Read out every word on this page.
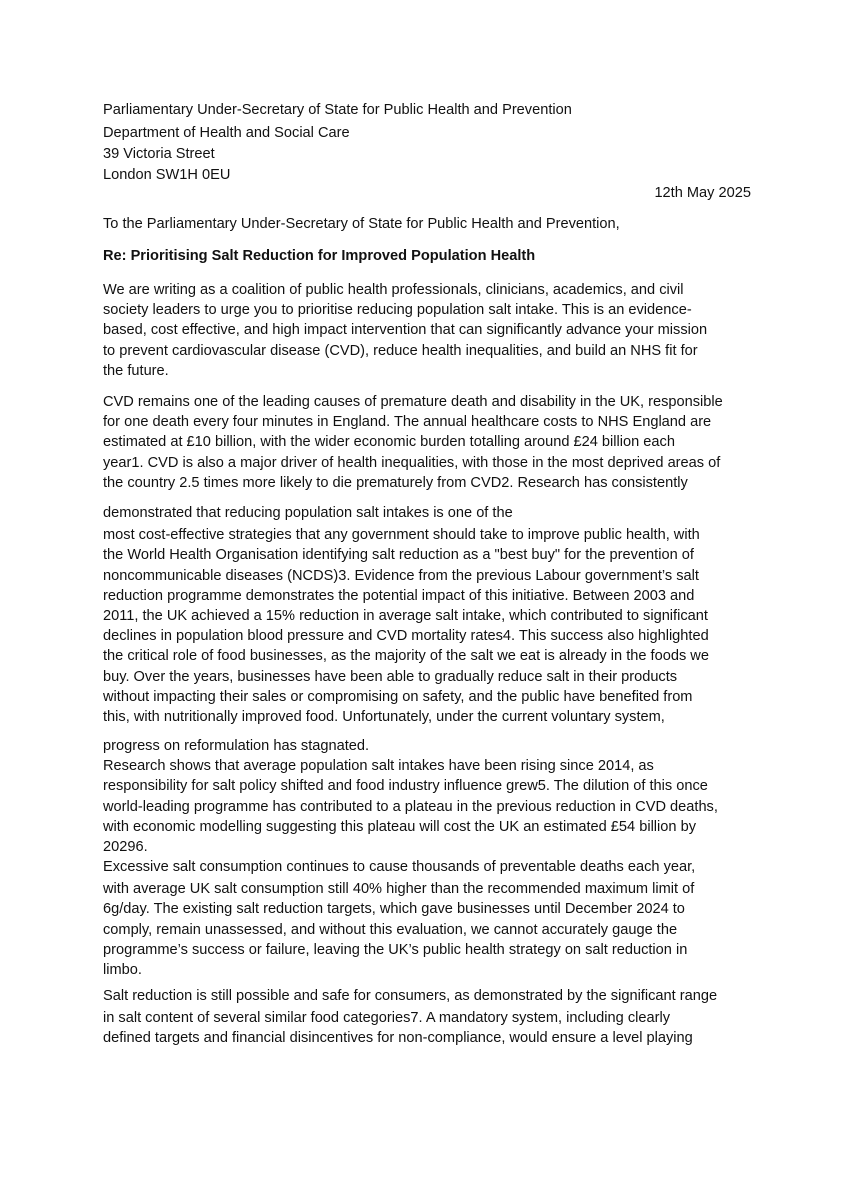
Parliamentary Under-Secretary of State for Public Health and Prevention
Department of Health and Social Care
39 Victoria Street
London SW1H 0EU
12th May 2025
To the Parliamentary Under-Secretary of State for Public Health and Prevention,
Re: Prioritising Salt Reduction for Improved Population Health

We are writing as a coalition of public health professionals, clinicians, academics, and civil
society leaders to urge you to prioritise reducing population salt intake. This is an evidence-
based, cost effective, and high impact intervention that can significantly advance your mission
to prevent cardiovascular disease (CVD), reduce health inequalities, and build an NHS fit for
the future.

CVD remains one of the leading causes of premature death and disability in the UK, responsible
for one death every four minutes in England. The annual healthcare costs to NHS England are
estimated at £10 billion, with the wider economic burden totalling around £24 billion each
year1. CVD is also a major driver of health inequalities, with those in the most deprived areas of
the country 2.5 times more likely to die prematurely from CVD2. Research has consistently

demonstrated that reducing population salt intakes is one of the
most cost-effective strategies that any government should take to improve public health, with
the World Health Organisation identifying salt reduction as a "best buy" for the prevention of
noncommunicable diseases (NCDS)3. Evidence from the previous Labour government’s salt
reduction programme demonstrates the potential impact of this initiative. Between 2003 and
2011, the UK achieved a 15% reduction in average salt intake, which contributed to significant
declines in population blood pressure and CVD mortality rates4. This success also highlighted
the critical role of food businesses, as the majority of the salt we eat is already in the foods we
buy. Over the years, businesses have been able to gradually reduce salt in their products
without impacting their sales or compromising on safety, and the public have benefited from
this, with nutritionally improved food. Unfortunately, under the current voluntary system,

progress on reformulation has stagnated.
Research shows that average population salt intakes have been rising since 2014, as
responsibility for salt policy shifted and food industry influence grew5. The dilution of this once
world-leading programme has contributed to a plateau in the previous reduction in CVD deaths,
with economic modelling suggesting this plateau will cost the UK an estimated £54 billion by
20296.

Excessive salt consumption continues to cause thousands of preventable deaths each year,
with average UK salt consumption still 40% higher than the recommended maximum limit of
6g/day. The existing salt reduction targets, which gave businesses until December 2024 to
comply, remain unassessed, and without this evaluation, we cannot accurately gauge the
programme’s success or failure, leaving the UK’s public health strategy on salt reduction in
limbo.

Salt reduction is still possible and safe for consumers, as demonstrated by the significant range
in salt content of several similar food categories7. A mandatory system, including clearly
defined targets and financial disincentives for non-compliance, would ensure a level playing
